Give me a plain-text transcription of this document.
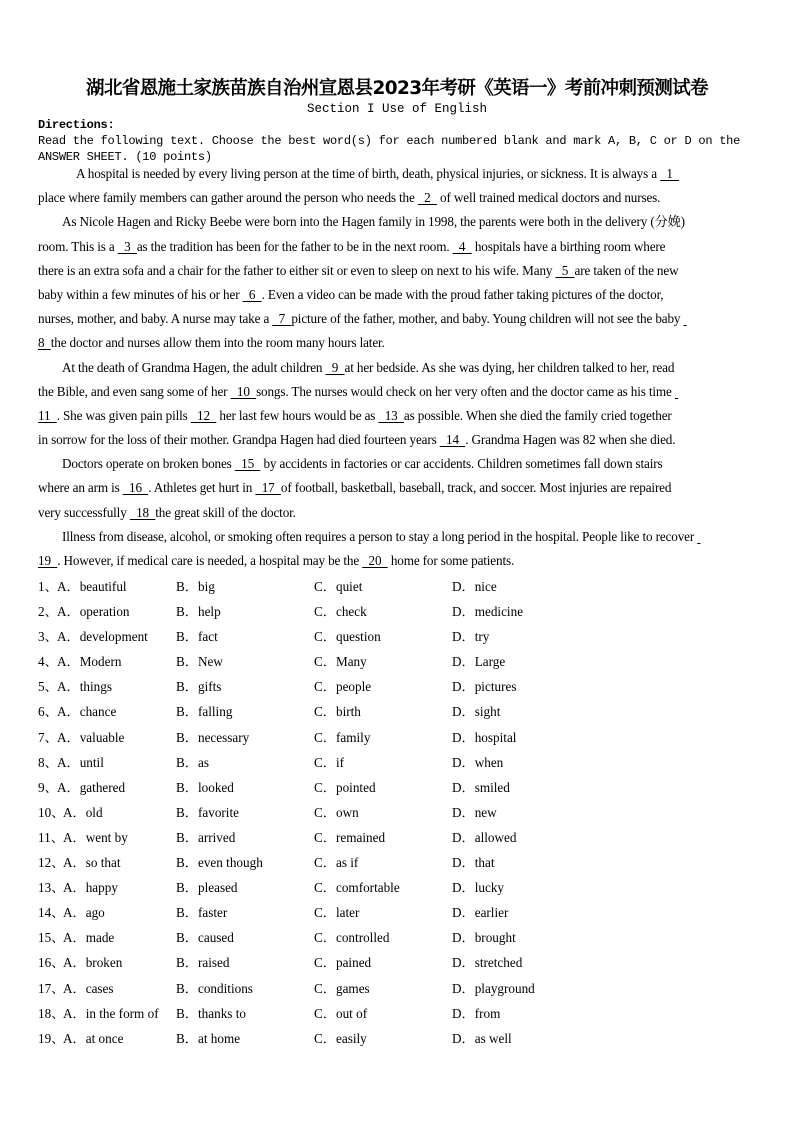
湖北省恩施土家族苗族自治州宣恩县2023年考研《英语一》考前冲刺预测试卷
Section I Use of English
Directions:
Read the following text. Choose the best word(s) for each numbered blank and mark A, B, C or D on the
ANSWER SHEET. (10 points)
A hospital is needed by every living person at the time of birth, death, physical injuries, or sickness. It is always a   1
place where family members can gather around the person who needs the   2   of well trained medical doctors and nurses.
As Nicole Hagen and Ricky Beebe were born into the Hagen family in 1998, the parents were both in the delivery (分娩)
room. This is a   3  as the tradition has been for the father to be in the next room.   4   hospitals have a birthing room where
there is an extra sofa and a chair for the father to either sit or even to sleep on next to his wife. Many   5  are taken of the new
baby within a few minutes of his or her   6  . Even a video can be made with the proud father taking pictures of the doctor,
nurses, mother, and baby. A nurse may take a   7  picture of the father, mother, and baby. Young children will not see the baby
8  the doctor and nurses allow them into the room many hours later.
At the death of Grandma Hagen, the adult children   9  at her bedside. As she was dying, her children talked to her, read
the Bible, and even sang some of her   10  songs. The nurses would check on her very often and the doctor came as his time
11  . She was given pain pills   12   her last few hours would be as   13  as possible. When she died the family cried together
in sorrow for the loss of their mother. Grandpa Hagen had died fourteen years   14  . Grandma Hagen was 82 when she died.
Doctors operate on broken bones   15   by accidents in factories or car accidents. Children sometimes fall down stairs
where an arm is   16  . Athletes get hurt in   17  of football, basketball, baseball, track, and soccer. Most injuries are repaired
very successfully   18  the great skill of the doctor.
Illness from disease, alcohol, or smoking often requires a person to stay a long period in the hospital. People like to recover
19  . However, if medical care is needed, a hospital may be the   20   home for some patients.
1、 A．beautiful	B．big	C．quiet	D．nice
2、 A．operation	B．help	C．check	D．medicine
3、 A．development B．fact	C．question	D．try
4、 A．Modern	B．New	C．Many	D．Large
5、 A．things	B．gifts	C．people	D．pictures
6、 A．chance	B．falling	C．birth	D．sight
7、 A．valuable	B．necessary	C．family	D．hospital
8、 A．until	B．as	C．if	D．when
9、 A．gathered	B．looked	C．pointed	D．smiled
10、
A．old	B．favorite	C．own	D．new
11、 A．went by	B．arrived	C．remained	D．allowed
12、
A．so that	B．even though	C．as if	D．that
13、
A．happy	B．pleased	C．comfortable	D．lucky
14、
A．ago	B．faster	C．later	D．earlier
15、
A．made	B．caused	C．controlled	D．brought
16、
A．broken	B．raised	C．pained	D．stretched
17、
A．cases	B．conditions	C．games	D．playground
18、
A．in the form of B．thanks to	C．out of	D．from
19、
A．at once	B．at home	C．easily	D．as well
